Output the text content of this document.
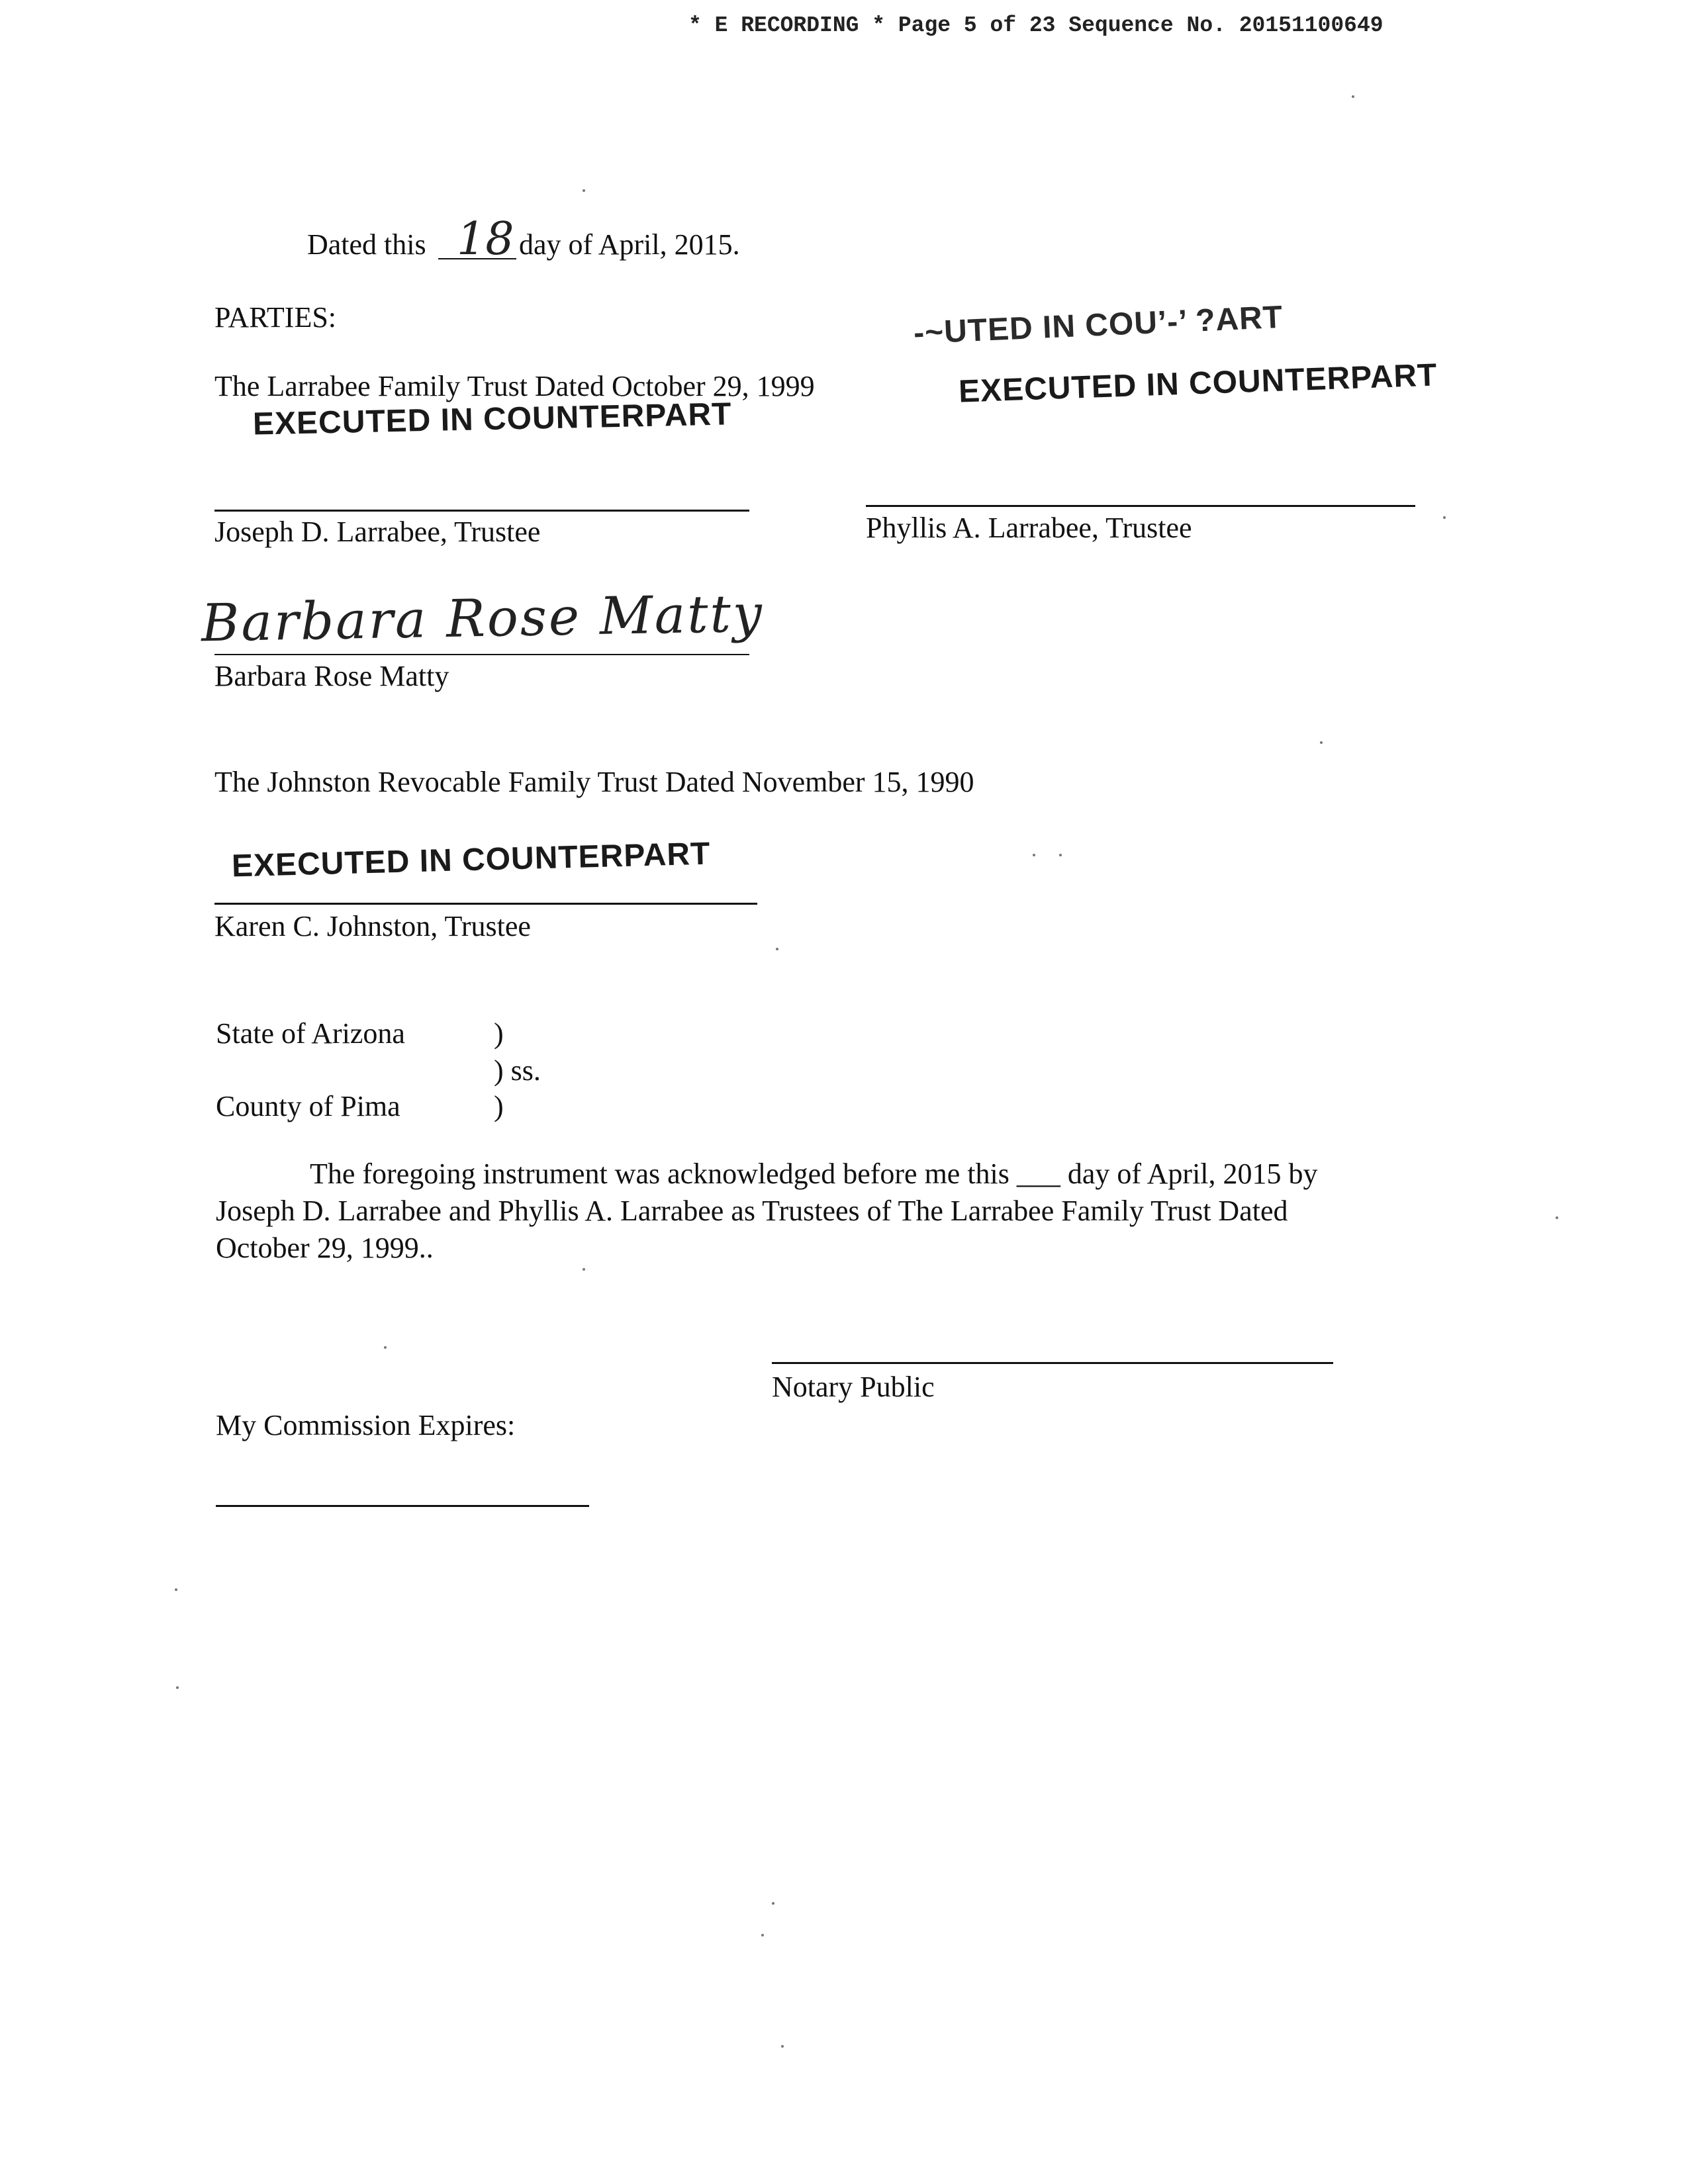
* E RECORDING * Page 5 of 23 Sequence No. 20151100649
Dated this 18 day of April, 2015.
PARTIES:
The Larrabee Family Trust Dated October 29, 1999
EXECUTED IN COUNTERPART
-~UTED IN COU’-’ ?ART
EXECUTED IN COUNTERPART
Joseph D. Larrabee, Trustee	Phyllis A. Larrabee, Trustee
Barbara Rose Matty
Barbara Rose Matty
The Johnston Revocable Family Trust Dated November 15, 1990
EXECUTED IN COUNTERPART
Karen C. Johnston, Trustee
State of Arizona	)
) ss.
County of Pima	)
The foregoing instrument was acknowledged before me this ___ day of April, 2015 by
Joseph D. Larrabee and Phyllis A. Larrabee as Trustees of The Larrabee Family Trust Dated
October 29, 1999..
Notary Public
My Commission Expires:
